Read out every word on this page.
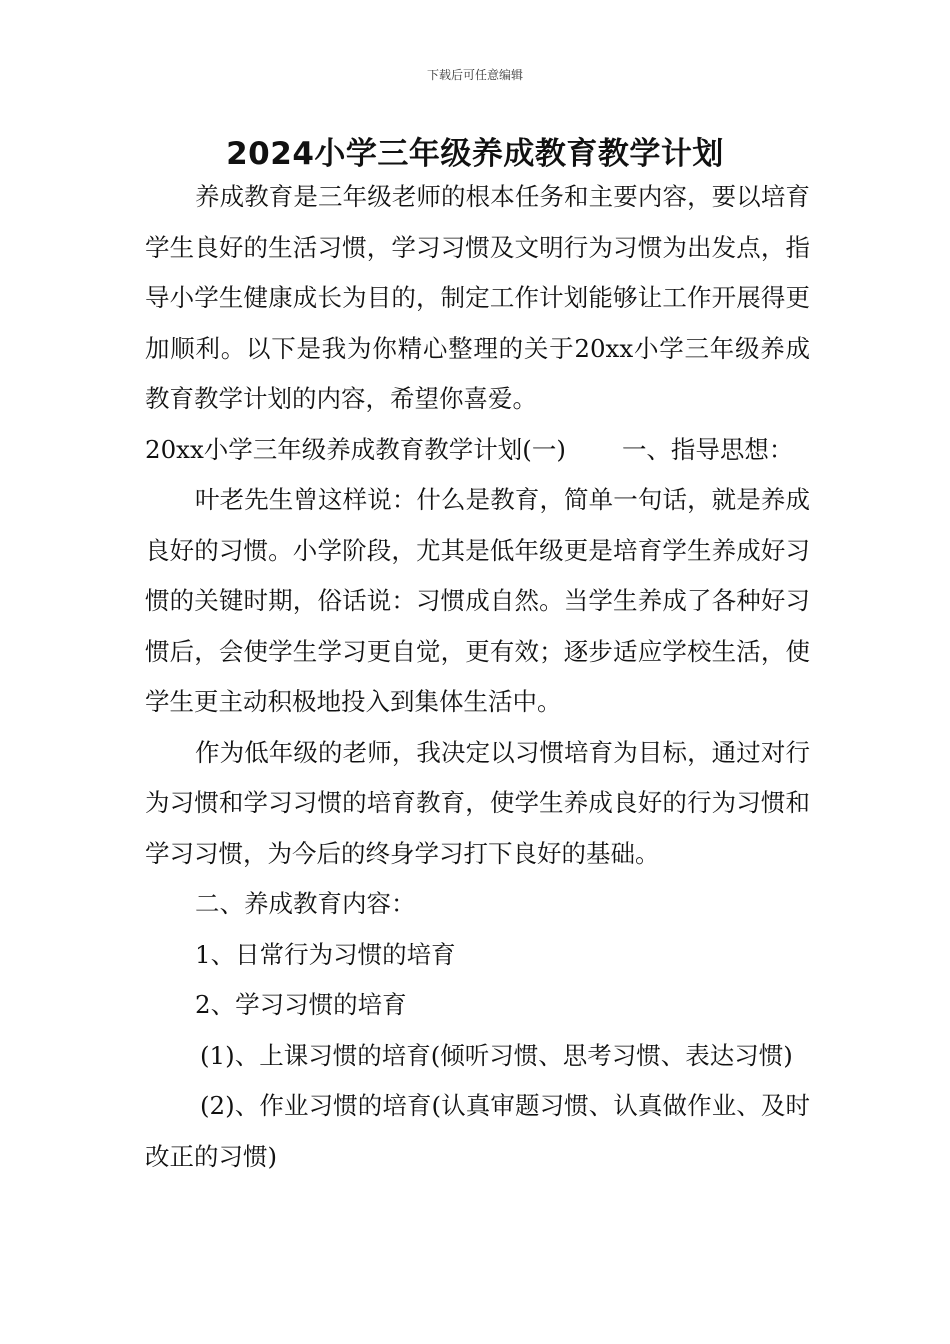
下载后可任意编辑
2024小学三年级养成教育教学计划

养成教育是三年级老师的根本任务和主要内容，要以培育学生良好的生活习惯，学习习惯及文明行为习惯为出发点，指导小学生健康成长为目的，制定工作计划能够让工作开展得更加顺利。以下是我为你精心整理的关于20xx小学三年级养成教育教学计划的内容，希望你喜爱。

20xx小学三年级养成教育教学计划(一) 一、指导思想：

叶老先生曾这样说：什么是教育，简单一句话，就是养成良好的习惯。小学阶段，尤其是低年级更是培育学生养成好习惯的关键时期，俗话说：习惯成自然。当学生养成了各种好习惯后，会使学生学习更自觉，更有效；逐步适应学校生活，使学生更主动积极地投入到集体生活中。

作为低年级的老师，我决定以习惯培育为目标，通过对行为习惯和学习习惯的培育教育，使学生养成良好的行为习惯和学习习惯，为今后的终身学习打下良好的基础。

二、养成教育内容：

1、日常行为习惯的培育

2、学习习惯的培育

(1)、上课习惯的培育(倾听习惯、思考习惯、表达习惯)

(2)、作业习惯的培育(认真审题习惯、认真做作业、及时改正的习惯)
